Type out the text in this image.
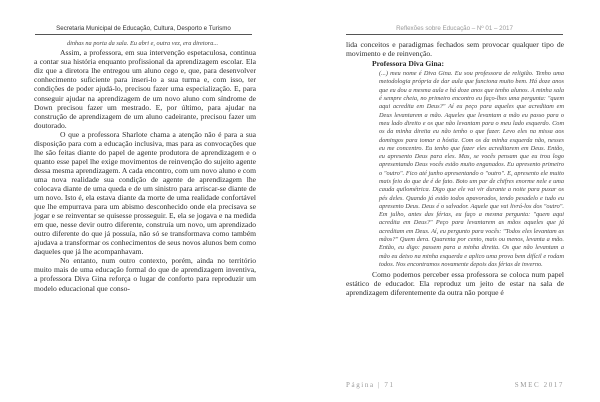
Secretaria Municipal de Educação, Cultura, Desporto e Turismo

dinhas na porta da sala. Eu abri e, outra vez, era diretora...

Assim, a professora, em sua intervenção espetaculosa, continua a contar sua história enquanto profissional da aprendizagem escolar. Ela diz que a diretora lhe entregou um aluno cego e, que, para desenvolver conhecimento suficiente para inseri-lo a sua turma e, com isso, ter condições de poder ajudá-lo, precisou fazer uma especialização. E, para conseguir ajudar na aprendizagem de um novo aluno com síndrome de Down precisou fazer um mestrado. E, por último, para ajudar na construção de aprendizagem de um aluno cadeirante, precisou fazer um doutorado.

O que a professora Sharlote chama a atenção não é para a sua disposição para com a educação inclusiva, mas para as convocações que lhe são feitas diante do papel de agente produtora de aprendizagem e o quanto esse papel lhe exige movimentos de reinvenção do sujeito agente dessa mesma aprendizagem. A cada encontro, com um novo aluno e com uma nova realidade sua condição de agente de aprendizagem lhe colocava diante de uma queda e de um sinistro para arriscar-se diante de um novo. Isto é, ela estava diante da morte de uma realidade confortável que lhe empurrava para um abismo desconhecido onde ela precisava se jogar e se reinventar se quisesse prosseguir. E, ela se jogava e na medida em que, nesse devir outro diferente, construía um novo, um aprendizado outro diferente do que já possuía, não só se transformava como também ajudava a transformar os conhecimentos de seus novos alunos bem como daqueles que já lhe acompanhavam.

No entanto, num outro contexto, porém, ainda no território muito mais de uma educação formal do que de aprendizagem inventiva, a professora Diva Gina reforça o lugar de conforto para reproduzir um modelo educacional que conso-

Reflexões sobre Educação – Nº 01 – 2017

lida conceitos e paradigmas fechados sem provocar qualquer tipo de movimento e de reinvenção.

Professora Diva Gina:

(...) meu nome é Diva Gina. Eu sou professora de religião. Tenho uma metodologia própria de dar aula que funciona muito bem. Há doze anos que eu dou a mesma aula e há doze anos que tenho alunos. A minha sala é sempre cheia, no primeiro encontro eu faço-lhes uma pergunta: "quem aqui acredita em Deus?" Aí eu peço para aqueles que acreditam em Deus levantarem a mão. Aqueles que levantam a mão eu passo para o meu lado direito e os que não levantam para o meu lado esquerdo. Com os da minha direita eu não tenho o que fazer. Levo eles na missa aos domingos para tomar a hóstia. Com os da minha esquerda não, nesses eu me concentro. Eu tenho que fazer eles acreditarem em Deus. Então, eu apresento Deus para eles. Mas, se vocês pensam que eu trou logo apresentando Deus vocês estão muito enganados. Eu apresento primeiro o "outro". Fico até junho apresentando o "outro". E, apresento ele muito mais feio do que de é de fato. Boto um par de chifres enorme nele e uma cauda quilométrica. Digo que ele vai vir durante a noite para puxar os pés deles. Quando já estão todos apavorados, tendo pesadelo e tudo eu apresento Deus. Deus é o salvador. Aquele que vai livrá-los dos "outro". Em julho, antes das férias, eu faço a mesma pergunta: "quem aqui acredita em Deus?" Peço para levantarem as mãos aqueles que já acreditam em Deus. Aí, eu pergunto para vocês: "Todos eles levantam as mãos?" Quem dera. Quarenta por cento, mais ou menos, levanta a mão. Então, eu digo: passem para a minha direita. Os que não levantam a mão eu deixo na minha esquerda e aplico uma prova bem difícil e rodam todos. Nos encontramos novamente depois das férias de inverno.

Como podemos perceber essa professora se coloca num papel estático de educador. Ela reproduz um jeito de estar na sala de aprendizagem diferentemente da outra não porque é

Página | 71	SMEC 2017
